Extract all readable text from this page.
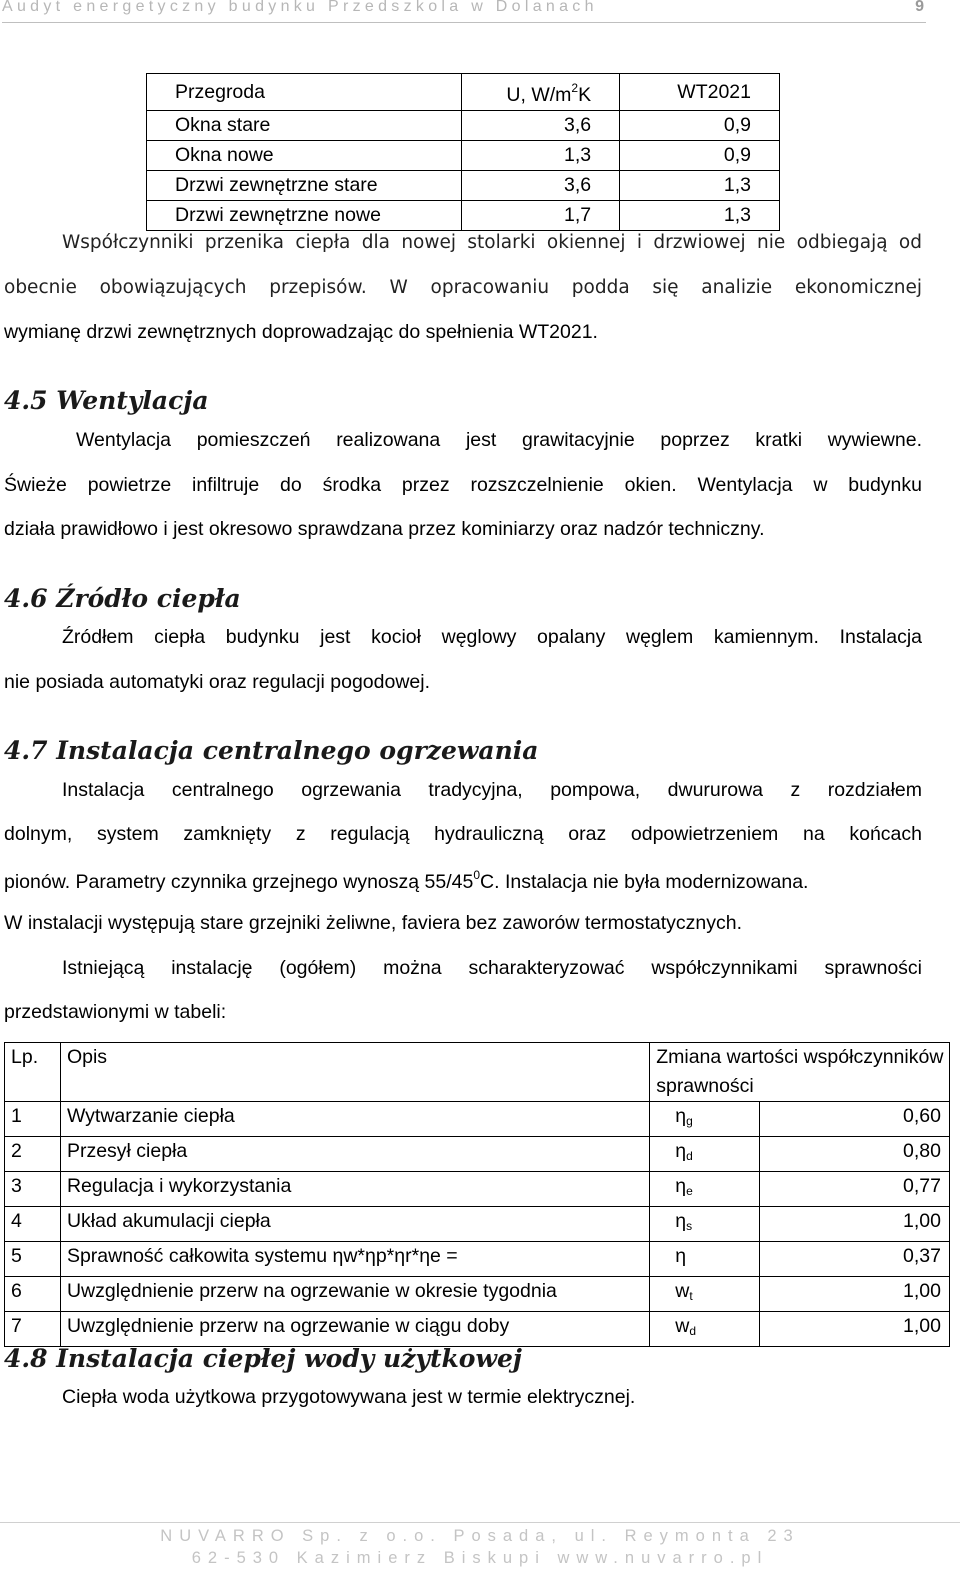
Audyt energetyczny budynku Przedszkola w Dolanach	9
Przegroda	U, $W/m^2K$	WT2021
Okna stare	3,6	0,9
Okna nowe	1,3	0,9
Drzwi zewnętrzne stare	3,6	1,3
Drzwi zewnętrzne nowe	1,7	1,3
Współczynniki przenika ciepła dla nowej stolarki okiennej i drzwiowej nie odbiegają od
obecnie obowiązujących przepisów. W opracowaniu podda się analizie ekonomicznej
wymianę drzwi zewnętrznych doprowadzając do spełnienia WT2021.
4.5 Wentylacja
Wentylacja pomieszczeń realizowana jest grawitacyjnie poprzez kratki wywiewne.
Świeże powietrze infiltruje do środka przez rozszczelnienie okien. Wentylacja w budynku
działa prawidłowo i jest okresowo sprawdzana przez kominiarzy oraz nadzór techniczny.
4.6 Źródło ciepła
Źródłem ciepła budynku jest kocioł węglowy opalany węglem kamiennym. Instalacja
nie posiada automatyki oraz regulacji pogodowej.
4.7 Instalacja centralnego ogrzewania
Instalacja centralnego ogrzewania tradycyjna, pompowa, dwururowa z rozdziałem
dolnym, system zamknięty z regulacją hydrauliczną oraz odpowietrzeniem na końcach
pionów. Parametry czynnika grzejnego wynoszą $55/45^0C$. Instalacja nie była modernizowana.
W instalacji występują stare grzejniki żeliwne, faviera bez zaworów termostatycznych.
Istniejącą instalację (ogółem) można scharakteryzować współczynnikami sprawności
przedstawionymi w tabeli:
Lp.	Opis	Zmiana wartości współczynników sprawności	
1	Wytwarzanie ciepła	$\eta_g$	0,60
2	Przesył ciepła	$\eta_d$	0,80
3	Regulacja i wykorzystania	$\eta_e$	0,77
4	Układ akumulacji ciepła	$\eta_s$	1,00
5	Sprawność całkowita systemu ηw*ηp*ηr*ηe =	η	0,37
6	Uwzględnienie przerw na ogrzewanie w okresie tygodnia	$w_t$	1,00
7	Uwzględnienie przerw na ogrzewanie w ciągu doby	$w_d$	1,00
4.8 Instalacja ciepłej wody użytkowej
Ciepła woda użytkowa przygotowywana jest w termie elektrycznej.
NUVARRO Sp. z o.o. Posada, ul. Reymonta 23
62-530 Kazimierz Biskupi www.nuvarro.pl
